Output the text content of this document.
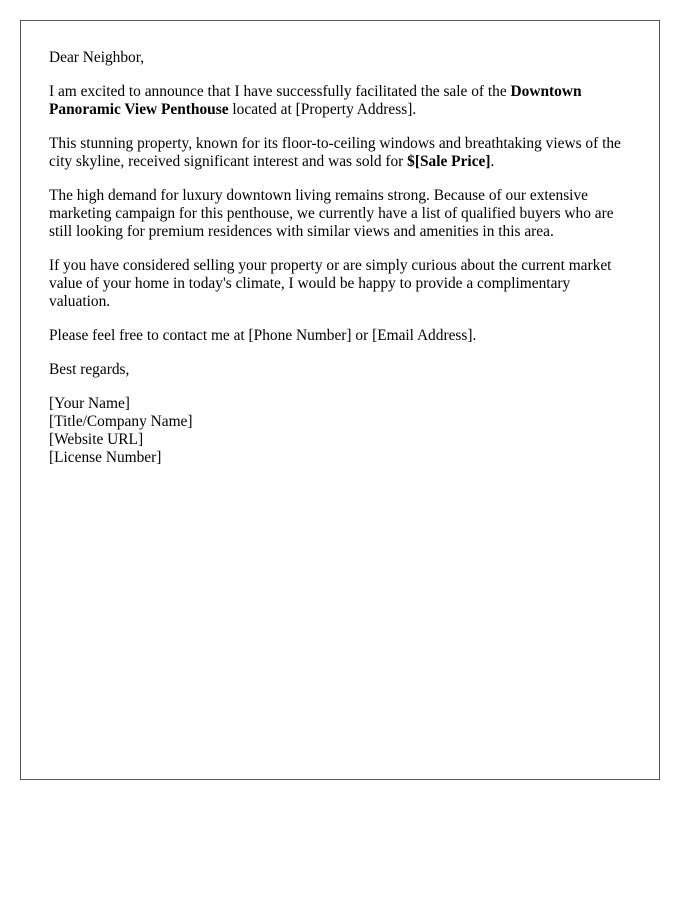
Dear Neighbor,

I am excited to announce that I have successfully facilitated the sale of the Downtown Panoramic View Penthouse located at [Property Address].

This stunning property, known for its floor-to-ceiling windows and breathtaking views of the city skyline, received significant interest and was sold for $[Sale Price].

The high demand for luxury downtown living remains strong. Because of our extensive marketing campaign for this penthouse, we currently have a list of qualified buyers who are still looking for premium residences with similar views and amenities in this area.

If you have considered selling your property or are simply curious about the current market value of your home in today's climate, I would be happy to provide a complimentary valuation.

Please feel free to contact me at [Phone Number] or [Email Address].

Best regards,

[Your Name]
[Title/Company Name]
[Website URL]
[License Number]
